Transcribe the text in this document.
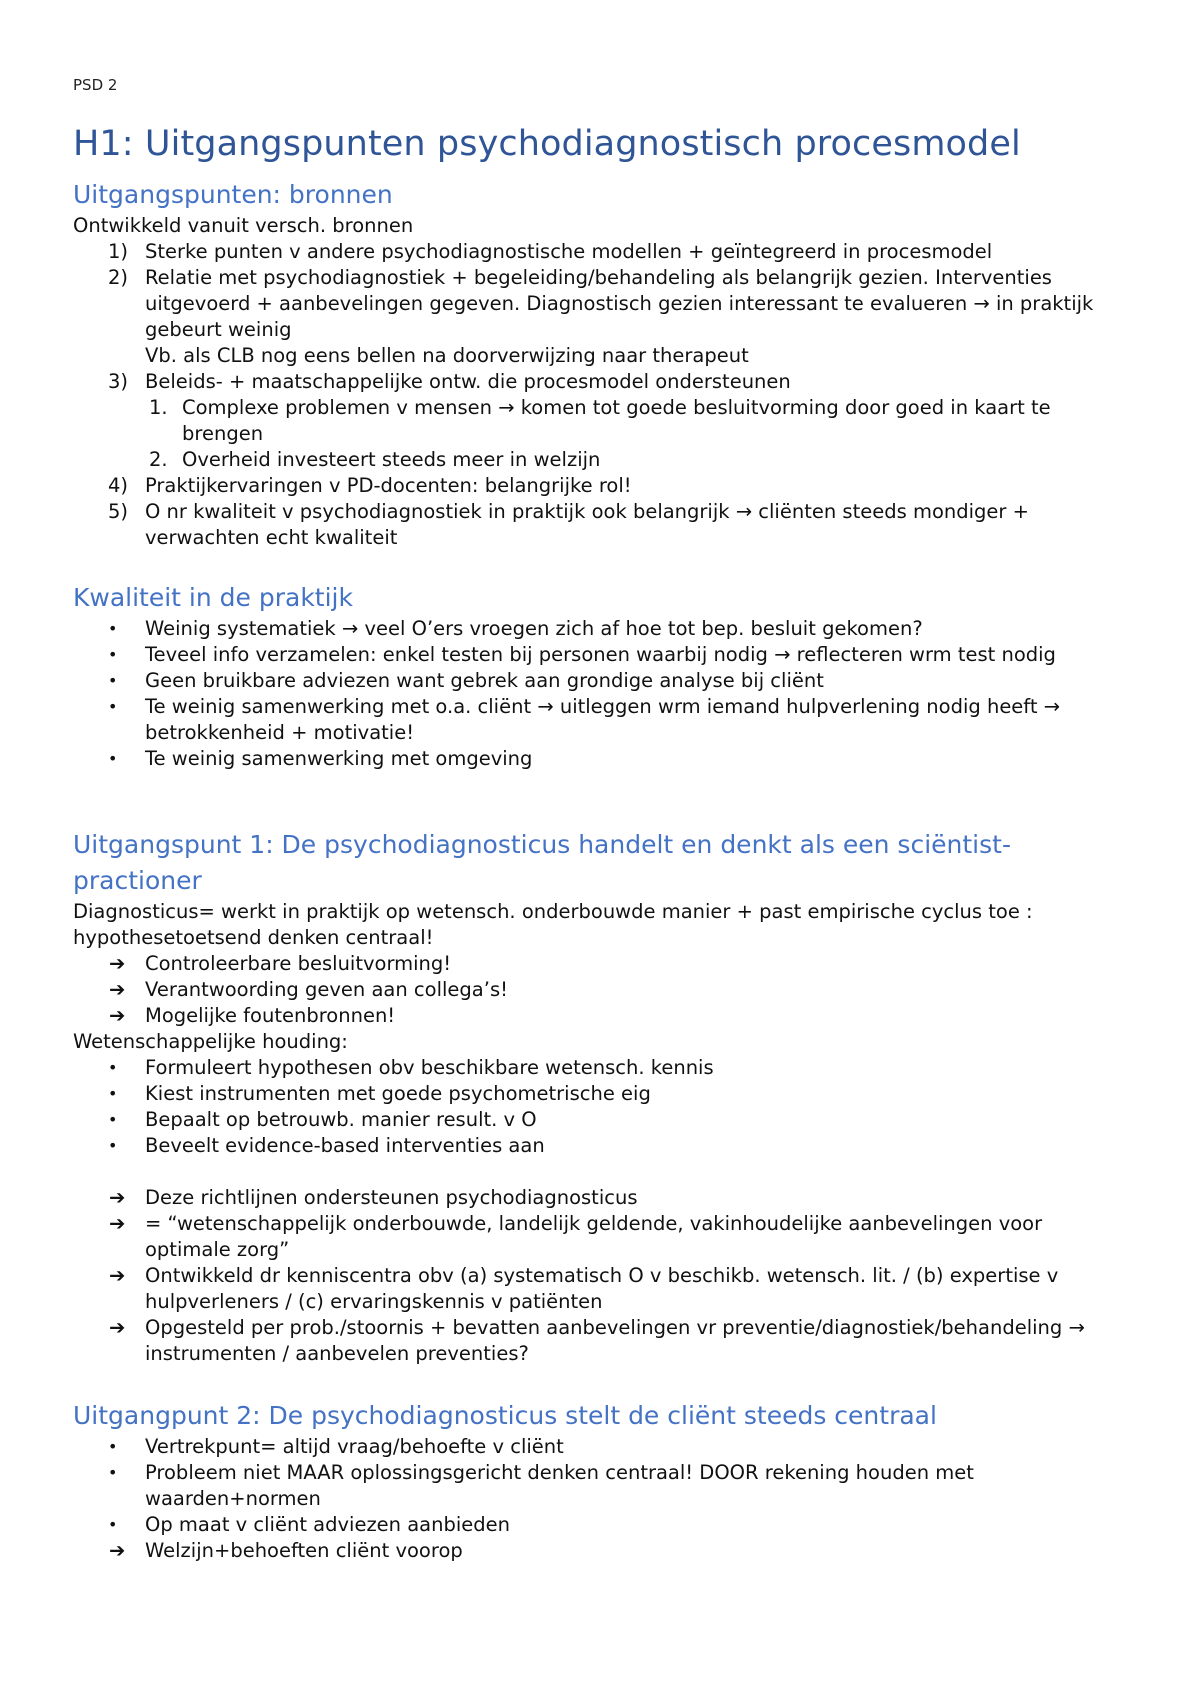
PSD 2
H1: Uitgangspunten psychodiagnostisch procesmodel
Uitgangspunten: bronnen

Ontwikkeld vanuit versch. bronnen

1) Sterke punten v andere psychodiagnostische modellen + geïntegreerd in procesmodel
2) Relatie met psychodiagnostiek + begeleiding/behandeling als belangrijk gezien. Interventies uitgevoerd + aanbevelingen gegeven. Diagnostisch gezien interessant te evalueren → in praktijk gebeurt weinig
Vb. als CLB nog eens bellen na doorverwijzing naar therapeut
3) Beleids- + maatschappelijke ontw. die procesmodel ondersteunen
1. Complexe problemen v mensen → komen tot goede besluitvorming door goed in kaart te brengen
2. Overheid investeert steeds meer in welzijn
4) Praktijkervaringen v PD-docenten: belangrijke rol!
5) O nr kwaliteit v psychodiagnostiek in praktijk ook belangrijk → cliënten steeds mondiger + verwachten echt kwaliteit
Kwaliteit in de praktijk
• Weinig systematiek → veel O’ers vroegen zich af hoe tot bep. besluit gekomen?
• Teveel info verzamelen: enkel testen bij personen waarbij nodig → reflecteren wrm test nodig
• Geen bruikbare adviezen want gebrek aan grondige analyse bij cliënt
• Te weinig samenwerking met o.a. cliënt → uitleggen wrm iemand hulpverlening nodig heeft → betrokkenheid + motivatie!
• Te weinig samenwerking met omgeving
Uitgangspunt 1: De psychodiagnosticus handelt en denkt als een sciëntist-practioner

Diagnosticus= werkt in praktijk op wetensch. onderbouwde manier + past empirische cyclus toe : hypothesetoetsend denken centraal!

➔ Controleerbare besluitvorming!
➔ Verantwoording geven aan collega’s!
➔ Mogelijke foutenbronnen!

Wetenschappelijke houding:

• Formuleert hypothesen obv beschikbare wetensch. kennis
• Kiest instrumenten met goede psychometrische eig
• Bepaalt op betrouwb. manier result. v O
• Beveelt evidence-based interventies aan
➔ Deze richtlijnen ondersteunen psychodiagnosticus
➔ = “wetenschappelijk onderbouwde, landelijk geldende, vakinhoudelijke aanbevelingen voor optimale zorg”
➔ Ontwikkeld dr kenniscentra obv (a) systematisch O v beschikb. wetensch. lit. / (b) expertise v hulpverleners / (c) ervaringskennis v patiënten
➔ Opgesteld per prob./stoornis + bevatten aanbevelingen vr preventie/diagnostiek/behandeling → instrumenten / aanbevelen preventies?
Uitgangpunt 2: De psychodiagnosticus stelt de cliënt steeds centraal
• Vertrekpunt= altijd vraag/behoefte v cliënt
• Probleem niet MAAR oplossingsgericht denken centraal! DOOR rekening houden met waarden+normen
• Op maat v cliënt adviezen aanbieden
➔ Welzijn+behoeften cliënt voorop
